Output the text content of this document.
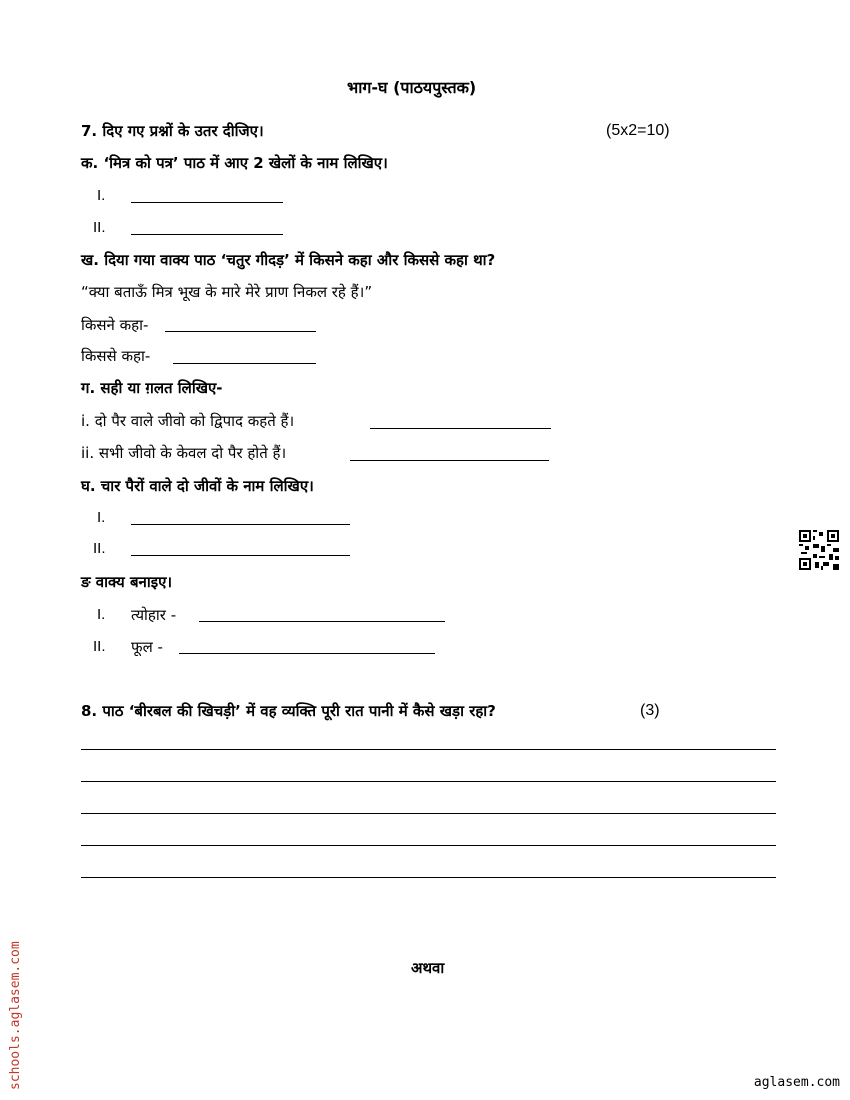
भाग-घ (पाठयपुस्तक)
7. दिए गए प्रश्नों के उतर दीजिए।	(5x2=10)
क. ‘मित्र को पत्र’ पाठ में आए 2 खेलों के नाम लिखिए।
I.
II.
ख. दिया गया वाक्य पाठ ‘चतुर गीदड़’ में किसने कहा और किससे कहा था?
“क्या बताऊँ मित्र भूख के मारे मेरे प्राण निकल रहे हैं।”
किसने कहा-
किससे कहा-
ग. सही या ग़लत लिखिए-
i. दो पैर वाले जीवो को द्विपाद कहते हैं।
ii. सभी जीवो के केवल दो पैर होते हैं।
घ. चार पैरों वाले दो जीवों के नाम लिखिए।
I.
II.
ङ वाक्य बनाइए।
I. त्योहार -
II. फूल -
8. पाठ ‘बीरबल की खिचड़ी’ में वह व्यक्ति पूरी रात पानी में कैसे खड़ा रहा?	(3)
अथवा
schools.aglasem.com	aglasem.com
